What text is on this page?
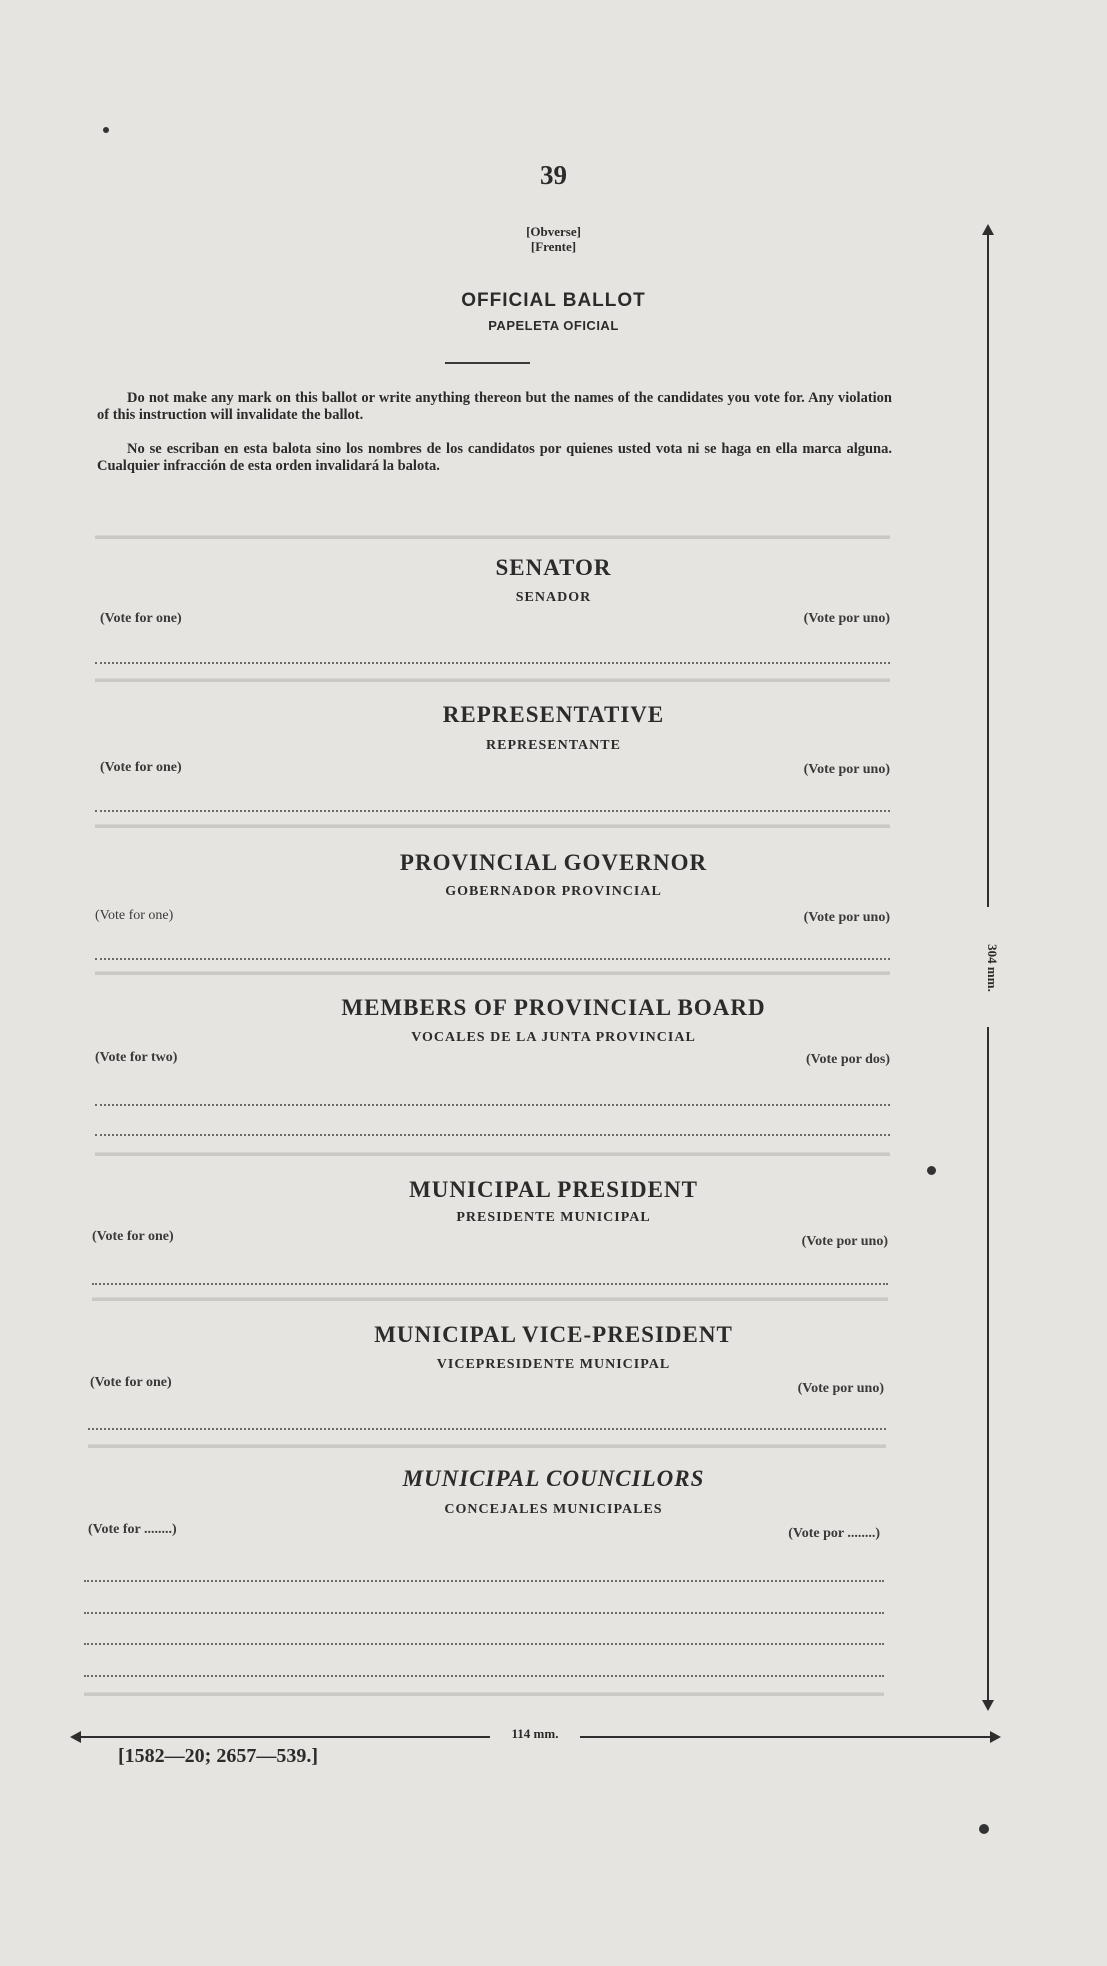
39
[Obverse]
[Frente]
OFFICIAL BALLOT
PAPELETA OFICIAL
Do not make any mark on this ballot or write anything thereon but the names of the candidates you vote for. Any violation of this instruction will invalidate the ballot.
No se escriban en esta balota sino los nombres de los candidatos por quienes usted vota ni se haga en ella marca alguna. Cualquier infracción de esta orden invalidará la balota.
SENATOR
SENADOR
(Vote for one)	(Vote por uno)
REPRESENTATIVE
REPRESENTANTE
(Vote for one)	(Vote por uno)
PROVINCIAL GOVERNOR
GOBERNADOR PROVINCIAL
(Vote for one)	(Vote por uno)
MEMBERS OF PROVINCIAL BOARD
VOCALES DE LA JUNTA PROVINCIAL
(Vote for two)	(Vote por dos)
MUNICIPAL PRESIDENT
PRESIDENTE MUNICIPAL
(Vote for one)	(Vote por uno)
MUNICIPAL VICE-PRESIDENT
VICEPRESIDENTE MUNICIPAL
(Vote for one)	(Vote por uno)
MUNICIPAL COUNCILORS
CONCEJALES MUNICIPALES
(Vote for ........)	(Vote por ........)
304 mm.
114 mm.
[1582—20; 2657—539.]
